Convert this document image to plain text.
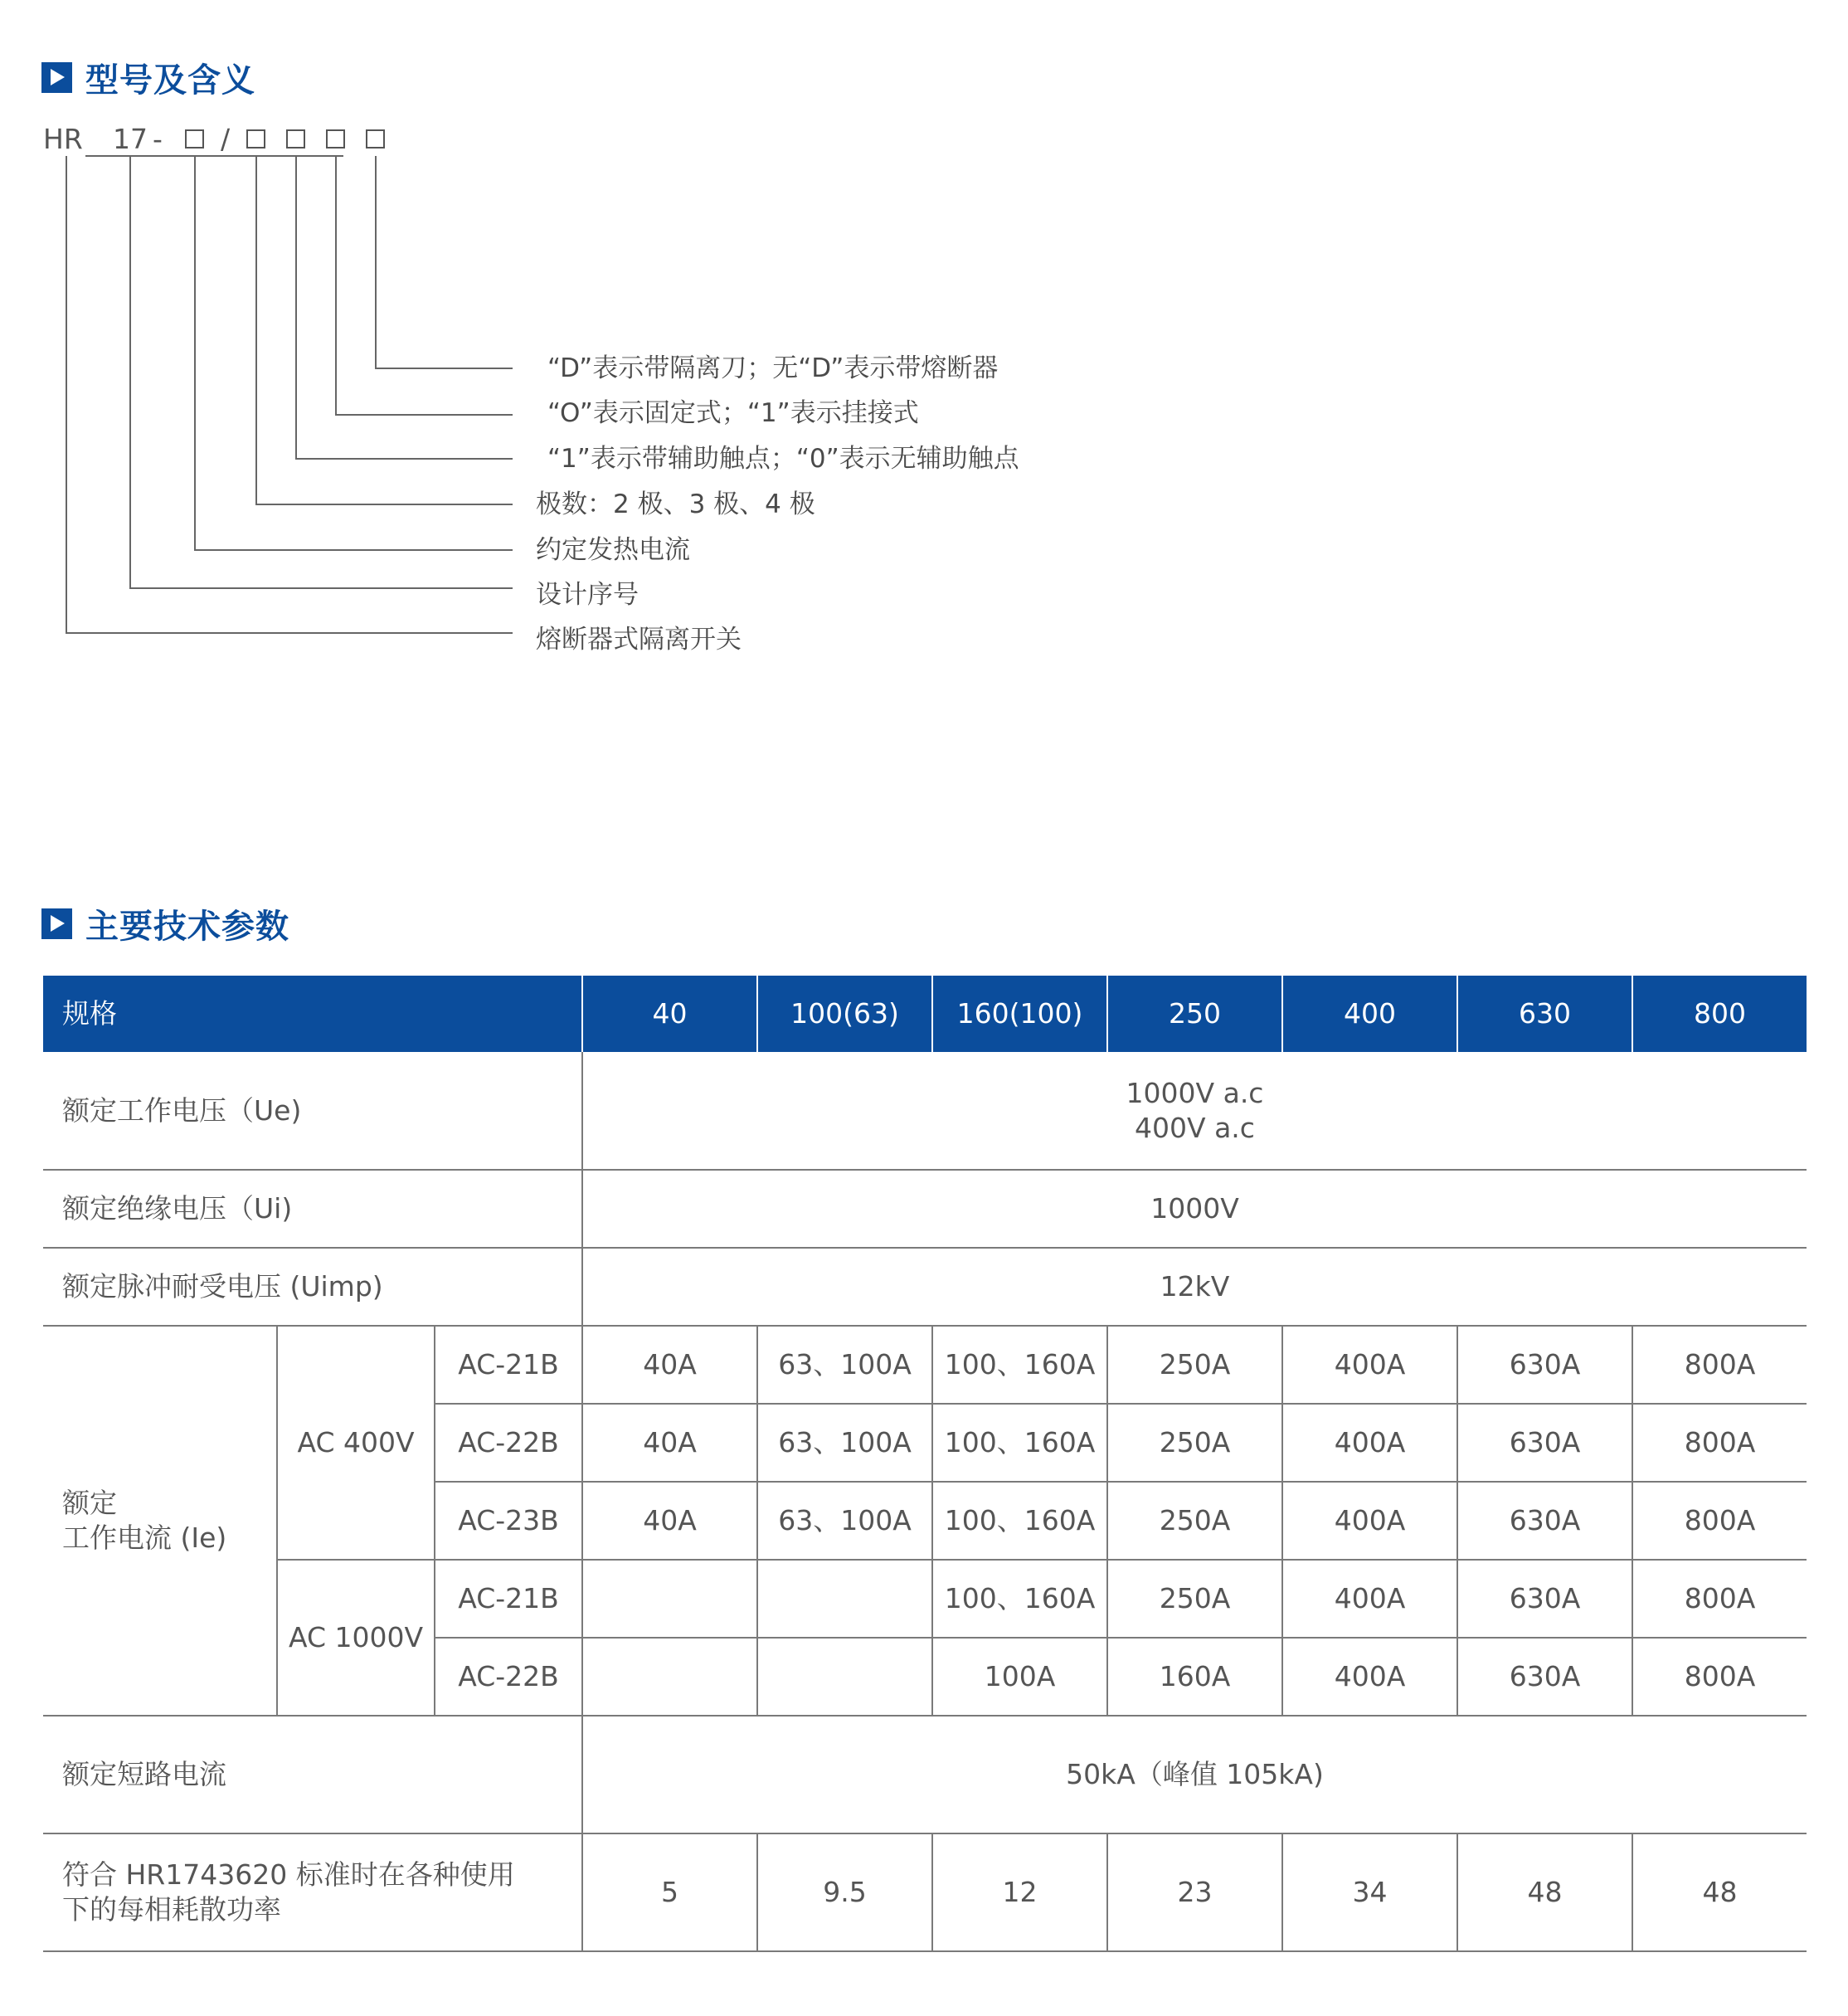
型号及含义
HR 17 - /
“D”表示带隔离刀；无“D”表示带熔断器
“O”表示固定式；“1”表示挂接式
“1”表示带辅助触点；“0”表示无辅助触点
极数：2 极、3 极、4 极
约定发热电流
设计序号
熔断器式隔离开关
主要技术参数
规格			40	100(63)	160(100)	250	400	630	800
额定工作电压（Ue)			1000V a.c
400V a.c						

额定绝缘电压（Ui)			1000V						
额定脉冲耐受电压 (Uimp)			12kV						

额定
工作电流 (Ie)	AC 400V	AC-21B	40A	63、100A	100、160A	250A	400A	630A	800A
		AC-22B	40A	63、100A	100、160A	250A	400A	630A	800A
		AC-23B	40A	63、100A	100、160A	250A	400A	630A	800A
	AC 1000V	AC-21B			100、160A	250A	400A	630A	800A
		AC-22B			100A	160A	400A	630A	800A
额定短路电流			50kA（峰值 105kA)						

符合 HR1743620 标准时在各种使用
下的每相耗散功率			5	9.5	12	23	34	48	48
